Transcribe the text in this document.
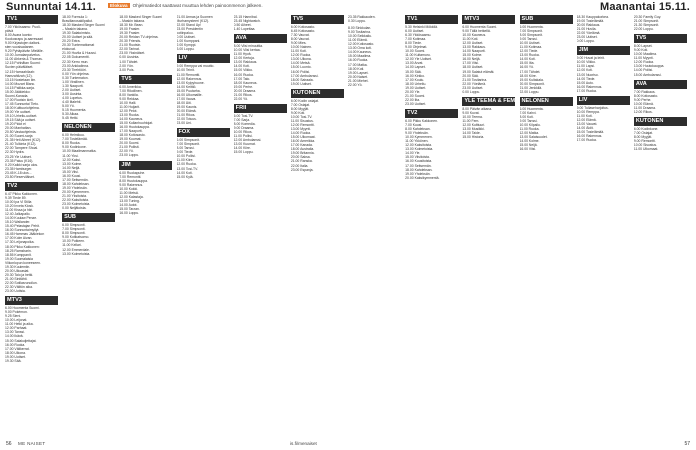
Sunnuntai 14.11.	Elokuva Ohjelmatiedot saattavat muuttua lehden painoonmenon jälkeen.	Maanantai 15.11.
TV1
7.00 Ykkösaamu: Puoli-
päivä
8.00 Avara luonto:
Kookosrapu ja aarresaari
9.00 Kirjastojen daltoni-
sten vuosisadanen.
9.20 Pyhäpäivän Mielälle.
10.00 Jumalanpalvelus.
11.00 Ahkeria & Thomas.
12.15 Pohhåtan Suomi:
Suvien päiväläiset.
12.15 Hamzahilzah:
Hamzahilzah (12).
13.15 Nostetaan ilm.
14.00 Mozart Blanc.
14.15 Palikka-sarja.
15.00 Jääkiekko:
Suomi-Kanada.
17.00 Ruotsin kieli.
17.45 Sunnuntai Tieto.
18.00 Kulttuuriohjelma.
19.00 Yle uutiset.
19.10 Urheilu-uutiset.
19.15 Sää ja uutiset.
19.20 Pidot ei
20.00 Manhattan.
20.50 Vastaohjelmia.
21.00 Suomi-sarja
21.35 Heti Aiheet (K12).
21.40 Tulkinta (K12).
22.00 Tampere Shoal.
22.30 Hydra.
23.25 Yle Uutiset.
23.35 Paluu (K16).
0.20 Kaikki sarja ulos.
23.35 Hamburger.
23.45 K-18 ulos...
23.50 Reserviläiset.
TV2
6.47 Pikku Kakkonen.
9.39 Tiede 89.
10.00 Ipa Vi Stilla
10.20 Inveta Kiosk.
11.00 Kissa ja hiiri.
12.40 Jalkapallo.
14.00 Kuulaw Penze.
15.10 Wallander.
15.40 Pelastajan Pehit.
16.00 Sunnuntaimyllyt.
16.45 Hammas Jääkiekon
17.00 Kolm Aivan.
17.30 Leijonapoika.
18.00 Pikku Kakkonen:
18.25 Ramsharin.
18.55 Kumppanit.
19.00 Suomalaisia
Viikonlopun koneeseen.
19.30 Kuulemiin.
20.00 Ulkoasiat.
20.30 Talo ja hetki.
21.00 Sinitähti.
22.00 Sotilasrunoilun.
22.30 Välitön aika.
23.00 Uutisia.
MTV3
6.00 Huomenta Suomi.
9.00 Pokémon.
9.25 Sieni.
10.00 Leijonat.
11.00 Hetki ja aika.
12.00 Parhaat.
13.00 Tanssi.
14.00 Ikävä.
15.00 Salakuljettajat.
16.00 Ruoka.
17.00 Välikerrat.
18.00 Ulkona.
19.00 Uutiset.
19.30 Sää.
18.00 Formula 1:
Brasilianosakilpailut.
18.30 Masked Singer Suomi
– Maskin takana.
19.30 Salatoimisto.
20.00 Uutiset ja sää.
20.20 Extra.
20.30 Tuntemattomat
elokuvat.
21.00 Huvila & Huussi.
22.05 Dokumentti.
22.30 Kerro mun.
23.00 Ankkalinna.
23.30 Tirehtööri.
0.00 Yön ohjelma.
0.30 Tuntematon.
1.00 Virallinen.
1.30 Naapurit.
2.00 Uutiset.
3.00 Uusinta.
4.00 Lopetus.
4.40 Iltalehti.
5.00 Yö.
5.15 Huomenta.
5.30 Alkaa.
5.45 Hetki.
NELONEN
6.00 Helmikuu.
7.00 Tosielämää.
8.00 Ruoka.
9.00 Kodinkone.
10.00 Maailmanmatka.
11.00 Yksi.
12.00 Kaksi.
13.00 Kolme.
14.00 Neljä.
15.00 Viisi.
16.00 Kuusi.
17.00 Seitsemän.
18.00 Kahdeksan.
19.00 Yhdeksän.
20.00 Kymmenen.
21.00 Yksitoista.
22.00 Kaksitoista.
23.00 Kolmetoista.
0.00 Neljätoista.
SUB
6.00 Simpsonit.
7.00 Simpsonit.
8.00 Simpsonit.
9.00 Kotikatsomo.
10.00 Putkeen.
11.00 Kellari.
12.00 Emmerdale.
13.00 Kolmetoista.
18.00 Masked Singer Suomi
– Maskin takana.
18.30 Mr. Bean.
19.00 Frasier.
19.30 Frasier.
20.00 Reidan TV-ohjelma.
20.30 Friends.
21.00 Ruotsin.
22.00 Tarinat.
23.00 Yksinäiset.
0.00 Uusinta.
1.00 Tähdet.
2.00 Yön.
3.00 Pois.
TV5
6.00 Amerikka.
7.00 Rikollinen.
8.00 Vankila.
9.00 Rekkaa.
10.00 Halli.
11.00 Huijarit.
12.00 Pelot.
13.00 Ruoka.
14.00 Kauneus.
15.00 Kullanhuuhtojat.
16.00 Huutokauppa.
17.00 Naapurit.
18.00 Kotiosasto.
19.00 Kuumat.
20.00 Suomi.
21.00 Poliisit.
22.00 Yö.
23.00 Loppu.
JIM
6.00 Ruokapuhe.
7.00 Remontti.
8.00 Huutokauppa.
9.00 Rakennus.
10.00 Kokki.
11.00 Metsä.
12.00 Kalastaja.
13.00 Tuning.
14.00 Autot.
15.00 Tarzan.
16.00 Loppu.
21.00 Armas ja Suomen
Murhamysteeri (K12).
22.00 Stand Up!
23.00 Presidentin
kotiinpaluu.
0.00 Uutiset.
1.00 Kumppani.
2.00 Kymppi.
3.00 Loppu.
LIV
9.00 Remppa vai muutto.
10.00 Teinit.
11.00 Remontti.
12.00 Rakennus.
13.00 Kylpyhuone.
14.00 Keittiö.
15.00 Puutarha.
16.00 Ulkomaille.
17.00 Vauva.
18.00 Äiti.
19.00 Kaunis.
20.00 Elämä.
21.00 Rikos.
22.00 Totuus.
23.00 Uni.
FOX
6.00 Simpsonit.
7.00 Simpsonit.
8.00 Tanssi.
9.00 Tiede.
10.00 Poliisi.
11.00 Kiire.
12.00 Ruoka.
13.00 Tosi-TV.
14.00 Koti.
15.00 Kylä.
23.15 Hannibal.
23.45 Nightwatch.
0.50 Aiheet.
1.40 Lopettaa.
AVA
8.00 Viisi minuuttia.
10.00 Viisi kertaa.
11.00 Hyvä.
12.00 Kertoja.
13.00 Rakkaus.
14.00 Koti.
15.00 Viikko.
16.00 Ruoka.
17.00 Talo.
18.00 Kauneus.
19.00 Perhe.
20.00 Draama.
21.00 Rikos.
22.00 Yö.
FRII
6.00 Tosi-TV.
7.00 Sarja.
8.00 Komedia.
9.00 Draama.
10.00 Rikos.
11.00 Poliisi.
12.00 Ambulanssi.
13.00 Kuumat.
14.00 Kiire.
15.00 Loppu.
TV5
6.00 Kotiosasto.
6.45 Kotiosasto.
7.30 Vauvat.
8.00 Vauvat.
9.00 Mies.
10.00 Nainen.
11.00 Koti.
12.00 Ruoka.
13.00 Ulkona.
14.00 Metsä.
15.00 Luonto.
16.00 Poliisi.
17.00 Ambulanssi.
18.00 Sairaala.
19.00 Uutiset.
KUTONEN
6.00 Kodin ostajat.
7.00 Ostajat.
8.00 Myyjät.
9.00 Koti.
10.00 Tosi-TV.
11.00 Sisustus.
12.00 Remontti.
13.00 Myynti.
14.00 Ruoka.
15.00 Ulkomaat.
16.00 Amerikka.
17.00 Kanada.
18.00 Australia.
19.00 Britannia.
20.00 Saksa.
21.00 Ranska.
22.00 Italia.
23.00 Espanja.
23.35 Rakkauden.
0.30 Loppu.
8.00 Sinkkulan.
9.00 Tositarina.
10.00 Seikkailu.
11.00 Elämä.
12.00 Kotiosasto.
13.00 Oma koti.
14.00 Kauneus.
15.00 Maailma.
16.00 Ruoka.
17.00 Matka.
18.00 Koti.
19.00 Lapset.
20.00 Naiset.
21.00 Miehet.
22.00 Yö.
TV1
5.30 Helsinki Mökkilä.
6.00 Uutiset.
6.30 Ykkösaamu.
7.00 Kotimaa.
8.00 Tiede.
9.00 Ohjelmat.
10.00 Suomi.
11.00 Kultamuru.
12.00 Yle Uutiset.
13.00 Arvat.
14.00 Lapset.
15.00 Sää.
16.00 Kirkko.
17.00 Koulu.
18.00 Urheilu.
19.00 Uutiset.
20.00 Yle.
21.00 Suomi.
22.00 Ilta.
23.00 Uutiset.
TV2
6.00 Pikku Kakkonen.
7.00 Kuusi.
8.00 Kahdeksan.
9.00 Yhdeksän.
10.00 Kymmenen.
11.00 Ykkönen.
12.00 Kaksitoista.
13.00 Kolmetoista.
14.00 Yle.
15.00 Viisitoista.
16.00 Kuusitoista.
17.00 Seitsemän.
18.00 Kahdeksan.
19.00 Yhdeksän.
20.00 Kaksikymmentä.
MTV3
6.00 Huomenta Suomi.
9.00 Tällä hetkellä.
10.00 Kauneus.
11.00 Koti.
12.00 Uutiset.
13.00 Rakkaus.
14.00 Naapurit.
15.00 Kolme.
16.00 Neljä.
17.00 Viisi.
18.00 Uutiset.
19.00 Salatut elämät.
20.00 Sää.
21.00 Tositarina.
22.00 Yöelämä.
23.00 Uutiset.
0.00 Loppu.
YLE TEEMA & FEM
8.00 Päivän aikana.
9.00 Kuvat.
10.00 Teema.
11.00 Fem.
12.00 Kulttuuri.
13.00 Musiikki.
14.00 Taide.
15.00 Historia.
SUB
6.00 Huomenta.
7.00 Simpsonit.
8.00 Simpsonit.
9.00 Tanssi.
10.00 Uutiset.
11.00 Kotimaa.
12.00 Tiede.
13.00 Ruoka.
14.00 Koti.
15.00 Ilta.
16.00 Yö.
17.00 Tähdet.
18.00 Kiire.
19.00 Kultakala.
20.00 Simpsonit.
21.00 Jenkkilä.
22.00 Loppu.
NELONEN
6.00 Huomenta.
7.00 Kahvi.
8.00 Koti.
9.00 Tanssi.
10.00 Kilpailu.
11.00 Ruoka.
12.00 Matka.
13.00 Salaisuudet.
14.00 Kolme.
15.00 Neljä.
16.00 Viisi.
18.30 Kauppakorkea.
19.00 Tosielämää.
20.00 Rakkaus.
21.00 Huvila.
22.00 Yöelämä.
23.00 Uutiset.
0.00 Loppu.
JIM
9.00 Huvat ja leirit.
10.00 Viikko.
11.00 Lapsi.
12.00 Koti.
13.00 Nuoriso.
14.00 Tiede.
15.00 Auto.
16.00 Rakennus.
17.00 Ruoka.
LIV
9.00 Tuliaseharjoitus.
10.00 Remppa.
11.00 Koti.
12.00 Elämä.
13.00 Vauvat.
14.00 Äidit.
15.00 Tosielämää.
16.00 Rakennus.
17.00 Ruoka.
20.30 Family Guy.
21.00 Simpsonit.
21.30 Simpsonit.
22.00 Loppu.
TV5
8.00 Lapset.
9.00 Koti.
10.00 Maailma.
11.00 Myynti.
12.00 Ruoka.
13.00 Huutokauppa.
14.00 Poliisi.
15.00 Ambulanssi.
AVA
7.00 Rakkaus.
8.00 Kotiosasto.
9.00 Perhe.
10.00 Elämä.
11.00 Draama.
12.00 Rikos.
KUTONEN
6.00 Kodinkone.
7.00 Ostajat.
8.00 Myyjät.
9.00 Remontti.
10.00 Sisustus.
11.00 Ulkomaat.
56 ME NAISET	is.fi/menaiset	57
